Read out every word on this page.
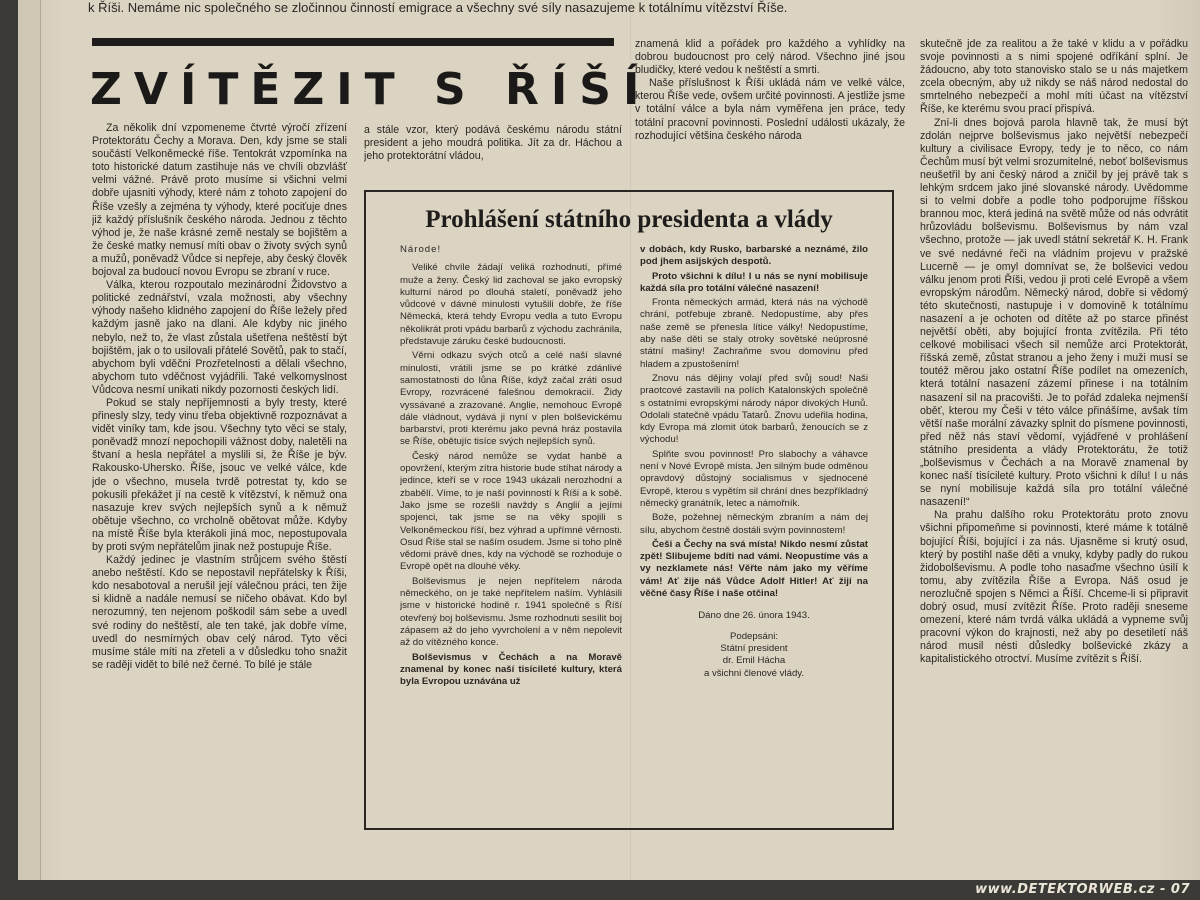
k Říši. Nemáme nic společného se zločinnou činností emigrace a všechny své síly nasazujeme k totálnímu vítězství Říše.
ZVÍTĚZIT S ŘÍŠÍ

Za několik dní vzpomeneme čtvrté výročí zřízení Protektorátu Čechy a Morava. Den, kdy jsme se stali součástí Velkoněmecké říše. Tentokrát vzpomínka na toto historické datum zastihuje nás ve chvíli obzvlášť velmi vážné. Právě proto musíme si všichni velmi dobře ujasniti výhody, které nám z tohoto zapojení do Říše vzešly a zejména ty výhody, které pociťuje dnes již každý příslušník českého národa. Jednou z těchto výhod je, že naše krásné země nestaly se bojištěm a že české matky nemusí míti obav o životy svých synů a mužů, poněvadž Vůdce si nepřeje, aby český člověk bojoval za budoucí novou Evropu se zbraní v ruce.

Válka, kterou rozpoutalo mezinárodní Židovstvo a politické zednářství, vzala možnosti, aby všechny výhody našeho klidného zapojení do Říše ležely před každým jasně jako na dlani. Ale kdyby nic jiného nebylo, než to, že vlast zůstala ušetřena neštěstí být bojištěm, jak o to usilovali přátelé Sovětů, pak to stačí, abychom byli vděčni Prozřetelnosti a dělali všechno, abychom tuto vděčnost vyjádřili. Také velkomyslnost Vůdcova nesmí unikati nikdy pozornosti českých lidí.

Pokud se staly nepříjemnosti a byly tresty, které přinesly slzy, tedy vinu třeba objektivně rozpoznávat a vidět viníky tam, kde jsou. Všechny tyto věci se staly, poněvadž mnozí nepochopili vážnost doby, naletěli na štvaní a hesla nepřátel a myslili si, že Říše je býv. Rakousko-Uhersko. Říše, jsouc ve velké válce, kde jde o všechno, musela tvrdě potrestat ty, kdo se pokusili překážet jí na cestě k vítězství, k němuž ona nasazuje krev svých nejlepších synů a k němuž obětuje všechno, co vrcholně obětovat může. Kdyby na místě Říše byla kterákoli jiná moc, nepostupovala by proti svým nepřátelům jinak než postupuje Říše.

Každý jedinec je vlastním strůjcem svého štěstí anebo neštěstí. Kdo se nepostavil nepřátelsky k Říši, kdo nesabotoval a nerušil její válečnou práci, ten žije si klidně a nadále nemusí se ničeho obávat. Kdo byl nerozumný, ten nejenom poškodil sám sebe a uvedl své rodiny do neštěstí, ale ten také, jak dobře víme, uvedl do nesmírných obav celý národ. Tyto věci musíme stále míti na zřeteli a v důsledku toho snažit se raději vidět to bílé než černé. To bílé je stále

a stále vzor, který podává českému národu státní president a jeho moudrá politika. Jít za dr. Háchou a jeho protektorátní vládou,

znamená klid a pořádek pro každého a vyhlídky na dobrou budoucnost pro celý národ. Všechno jiné jsou bludičky, které vedou k neštěstí a smrti.

Naše příslušnost k Říši ukládá nám ve velké válce, kterou Říše vede, ovšem určité povinnosti. A jestliže jsme v totální válce a byla nám vyměřena jen práce, tedy totální pracovní povinnosti. Poslední události ukázaly, že rozhodující většina českého národa

skutečně jde za realitou a že také v klidu a v pořádku svoje povinnosti a s nimi spojené odříkání splní. Je žádoucno, aby toto stanovisko stalo se u nás majetkem zcela obecným, aby už nikdy se náš národ nedostal do smrtelného nebezpečí a mohl míti účast na vítězství Říše, ke kterému svou prací přispívá.

Zní-li dnes bojová parola hlavně tak, že musí být zdolán nejprve bolševismus jako největší nebezpečí kultury a civilisace Evropy, tedy je to něco, co nám Čechům musí být velmi srozumitelné, neboť bolševismus neušetřil by ani český národ a zničil by jej právě tak s lehkým srdcem jako jiné slovanské národy. Uvědomme si to velmi dobře a podle toho podporujme říšskou brannou moc, která jediná na světě může od nás odvrátit hrůzovládu bolševismu. Bolševismus by nám vzal všechno, protože — jak uvedl státní sekretář K. H. Frank ve své nedávné řeči na vládním projevu v pražské Lucerně — je omyl domnívat se, že bolševici vedou válku jenom proti Říši, vedou ji proti celé Evropě a všem evropským národům. Německý národ, dobře si vědomý této skutečnosti, nastupuje i v domovině k totálnímu nasazení a je ochoten od dítěte až po starce přinést největší oběti, aby bojující fronta zvítězila. Při této celkové mobilisaci všech sil nemůže arci Protektorát, říšská země, zůstat stranou a jeho ženy i muži musí se toutéž měrou jako ostatní Říše podílet na omezeních, která totální nasazení zázemí přinese i na totálním nasazení sil na pracovišti. Je to pořád zdaleka nejmenší oběť, kterou my Češi v této válce přinášíme, avšak tím větší naše morální závazky splnit do písmene povinnosti, před něž nás staví vědomí, vyjádřené v prohlášení státního presidenta a vlády Protektorátu, že totiž „bolševismus v Čechách a na Moravě znamenal by konec naší tisícileté kultury. Proto všichni k dílu! I u nás se nyní mobilisuje každá síla pro totální válečné nasazení!“

Na prahu dalšího roku Protektorátu proto znovu všichni připomeňme si povinnosti, které máme k totálně bojující Říši, bojující i za nás. Ujasněme si krutý osud, který by postihl naše děti a vnuky, kdyby padly do rukou židobolševismu. A podle toho nasaďme všechno úsilí k tomu, aby zvítězila Říše a Evropa. Náš osud je nerozlučně spojen s Němci a Říší. Chceme-li si připravit dobrý osud, musí zvítězit Říše. Proto raději sneseme omezení, které nám tvrdá válka ukládá a vypneme svůj pracovní výkon do krajnosti, než aby po desetiletí náš národ musil nésti důsledky bolševické zkázy a kapitalistického otroctví. Musíme zvítězit s Říší.

Prohlášení státního presidenta a vlády

Národe!

Veliké chvíle žádají veliká rozhodnutí, přímé muže a ženy. Český lid zachoval se jako evropský kulturní národ po dlouhá staletí, poněvadž jeho vůdcové v dávné minulosti vytušili dobře, že říše Německá, která tehdy Evropu vedla a tuto Evropu několikrát proti vpádu barbarů z východu zachránila, představuje záruku české budoucnosti.

Věrni odkazu svých otců a celé naší slavné minulosti, vrátili jsme se po krátké zdánlivé samostatnosti do lůna Říše, když začal zráti osud Evropy, rozvrácené falešnou demokracií. Židy vyssávané a zrazované. Anglie, nemohouc Evropě dále vládnout, vydává ji nyní v plen bolševickému barbarství, proti kterému jako pevná hráz postavila se Říše, obětujíc tisíce svých nejlepších synů.

Český národ nemůže se vydat hanbě a opovržení, kterým zítra historie bude stíhat národy a jedince, kteří se v roce 1943 ukázali nerozhodní a zbabělí. Víme, to je naší povinností k Říši a k sobě. Jako jsme se rozešli navždy s Anglií a jejími spojenci, tak jsme se na věky spojili s Velkoněmeckou říší, bez výhrad a upřímné věrnosti. Osud Říše stal se naším osudem. Jsme si toho plně vědomi právě dnes, kdy na východě se rozhoduje o Evropě opět na dlouhé věky.

Bolševismus je nejen nepřítelem národa německého, on je také nepřítelem naším. Vyhlásili jsme v historické hodině r. 1941 společně s Říší otevřený boj bolševismu. Jsme rozhodnuti sesílit boj zápasem až do jeho vyvrcholení a v něm nepolevit až do vítězného konce.

Bolševismus v Čechách a na Moravě znamenal by konec naší tisícileté kultury, která byla Evropou uznávána už

v dobách, kdy Rusko, barbarské a neznámé, žilo pod jhem asijských despotů.

Proto všichni k dílu! I u nás se nyní mobilisuje každá síla pro totální válečné nasazení!

Fronta německých armád, která nás na východě chrání, potřebuje zbraně. Nedopustíme, aby přes naše země se přenesla lítice války! Nedopustíme, aby naše děti se staly otroky sovětské neúprosné státní mašiny! Zachraňme svou domovinu před hladem a zpustošením!

Znovu nás dějiny volají před svůj soud! Naši praotcové zastavili na polích Katalonských společně s ostatními evropskými národy nápor divokých Hunů. Odolali statečně vpádu Tatarů. Znovu udeřila hodina, kdy Evropa má zlomit útok barbarů, ženoucích se z východu!

Splňte svou povinnost! Pro slabochy a váhavce není v Nové Evropě místa. Jen silným bude odměnou opravdový důstojný socialismus v sjednocené Evropě, kterou s vypětím sil chrání dnes bezpříkladný německý granátník, letec a námořník.

Bože, požehnej německým zbraním a nám dej sílu, abychom čestně dostáli svým povinnostem!

Češi a Čechy na svá místa! Nikdo nesmí zůstat zpět! Slibujeme bdíti nad vámi. Neopustíme vás a vy nezklamete nás! Věřte nám jako my věříme vám! Ať žije náš Vůdce Adolf Hitler! Ať žijí na věčné časy Říše i naše otčina!

Dáno dne 26. února 1943.

Podepsáni:

Státní president

dr. Emil Hácha

a všichni členové vlády.

www.DETEKTORWEB.cz - 07
